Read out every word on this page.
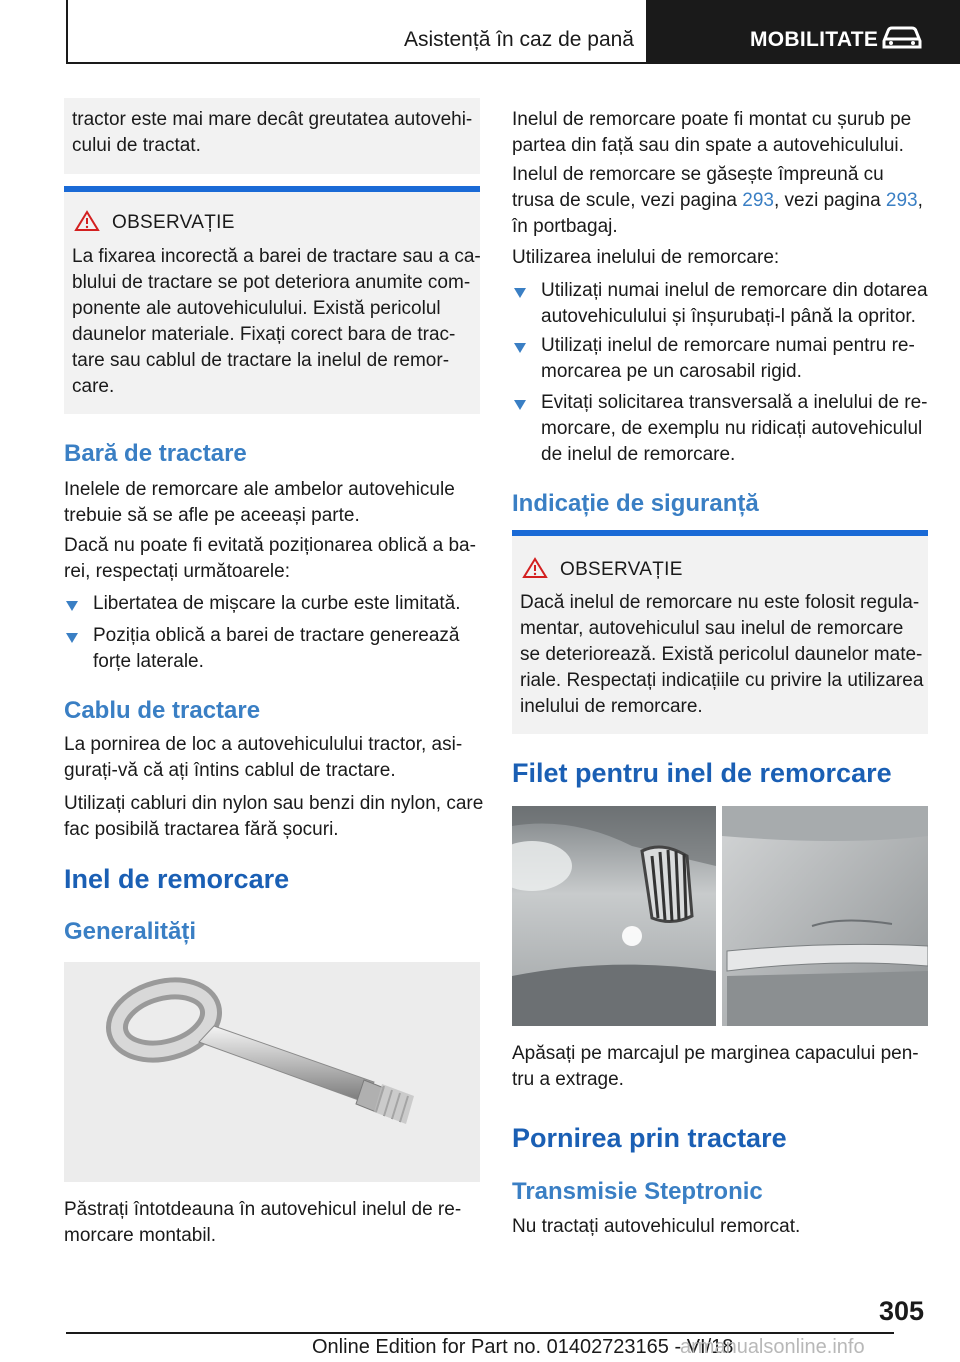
Asistență în caz de pană	MOBILITATE
tractor este mai mare decât greutatea autovehi-
cului de tractat.
OBSERVAȚIE
La fixarea incorectă a barei de tractare sau a ca-
blului de tractare se pot deteriora anumite com-
ponente ale autovehiculului. Există pericolul
daunelor materiale. Fixați corect bara de trac-
tare sau cablul de tractare la inelul de remor-
care.
Bară de tractare
Inelele de remorcare ale ambelor autovehicule
trebuie să se afle pe aceeași parte.
Dacă nu poate fi evitată poziționarea oblică a ba-
rei, respectați următoarele:
Libertatea de mișcare la curbe este limitată.
Poziția oblică a barei de tractare generează
forțe laterale.
Cablu de tractare
La pornirea de loc a autovehiculului tractor, asi-
gurați-vă că ați întins cablul de tractare.
Utilizați cabluri din nylon sau benzi din nylon, care
fac posibilă tractarea fără șocuri.
Inel de remorcare
Generalități
Păstrați întotdeauna în autovehicul inelul de re-
morcare montabil.
Inelul de remorcare poate fi montat cu șurub pe
partea din față sau din spate a autovehiculului.
Inelul de remorcare se găsește împreună cu
trusa de scule, vezi pagina 293, vezi pagina 293,
în portbagaj.
Utilizarea inelului de remorcare:
Utilizați numai inelul de remorcare din dotarea
autovehiculului și înșurubați-l până la opritor.
Utilizați inelul de remorcare numai pentru re-
morcarea pe un carosabil rigid.
Evitați solicitarea transversală a inelului de re-
morcare, de exemplu nu ridicați autovehiculul
de inelul de remorcare.
Indicație de siguranță
OBSERVAȚIE
Dacă inelul de remorcare nu este folosit regula-
mentar, autovehiculul sau inelul de remorcare
se deteriorează. Există pericolul daunelor mate-
riale. Respectați indicațiile cu privire la utilizarea
inelului de remorcare.
Filet pentru inel de remorcare
Apăsați pe marcajul pe marginea capacului pen-
tru a extrage.
Pornirea prin tractare
Transmisie Steptronic
Nu tractați autovehiculul remorcat.
305
Online Edition for Part no. 01402723165 - VI/18
armanualsonline.info
